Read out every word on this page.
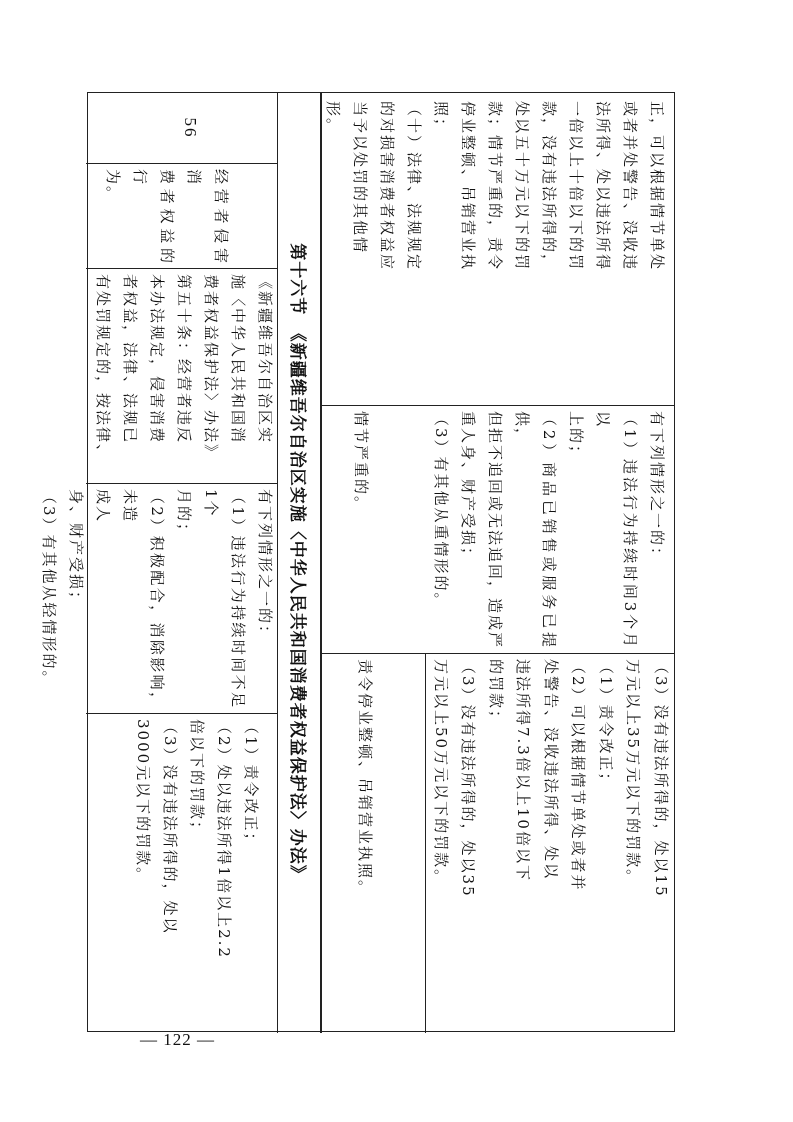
正，可以根据情节单处

或者并处警告、没收违

法所得、处以违法所得

一倍以上十倍以下的罚

款，没有违法所得的，

处以五十万元以下的罚

款；情节严重的，责令

停业整顿、吊销营业执

照；

（十）法律、法规规定

的对损害消费者权益应

当予以处罚的其他情

形。

有下列情形之一的：

（1）违法行为持续时间3个月以

上的；

（2）商品已销售或服务已提供，

但拒不追回或无法追回，造成严

重人身、财产受损；

（3）有其他从重情形的。

情节严重的。

（3）没有违法所得的，处以15

万元以上35万元以下的罚款。

（1）责令改正；

（2）可以根据情节单处或者并

处警告、没收违法所得、处以

违法所得7.3倍以上10倍以下

的罚款；

（3）没有违法所得的，处以35

万元以上50万元以下的罚款。

责令停业整顿、吊销营业执照。

第十六节　《新疆维吾尔自治区实施〈中华人民共和国消费者权益保护法〉办法》
56

经营者侵害消

费者权益的行

为。

《新疆维吾尔自治区实

施〈中华人民共和国消

费者权益保护法〉办法》

第五十条：经营者违反

本办法规定，侵害消费

者权益，法律、法规已

有处罚规定的，按法律、

有下列情形之一的：

（1）违法行为持续时间不足1个

月的；

（2）积极配合，消除影响，未造

成人

身、财产受损；

（3）有其他从轻情形的。

（1）责令改正；

（2）处以违法所得1倍以上2.2

倍以下的罚款；

（3）没有违法所得的，处以

3000元以下的罚款。

— 122 —
